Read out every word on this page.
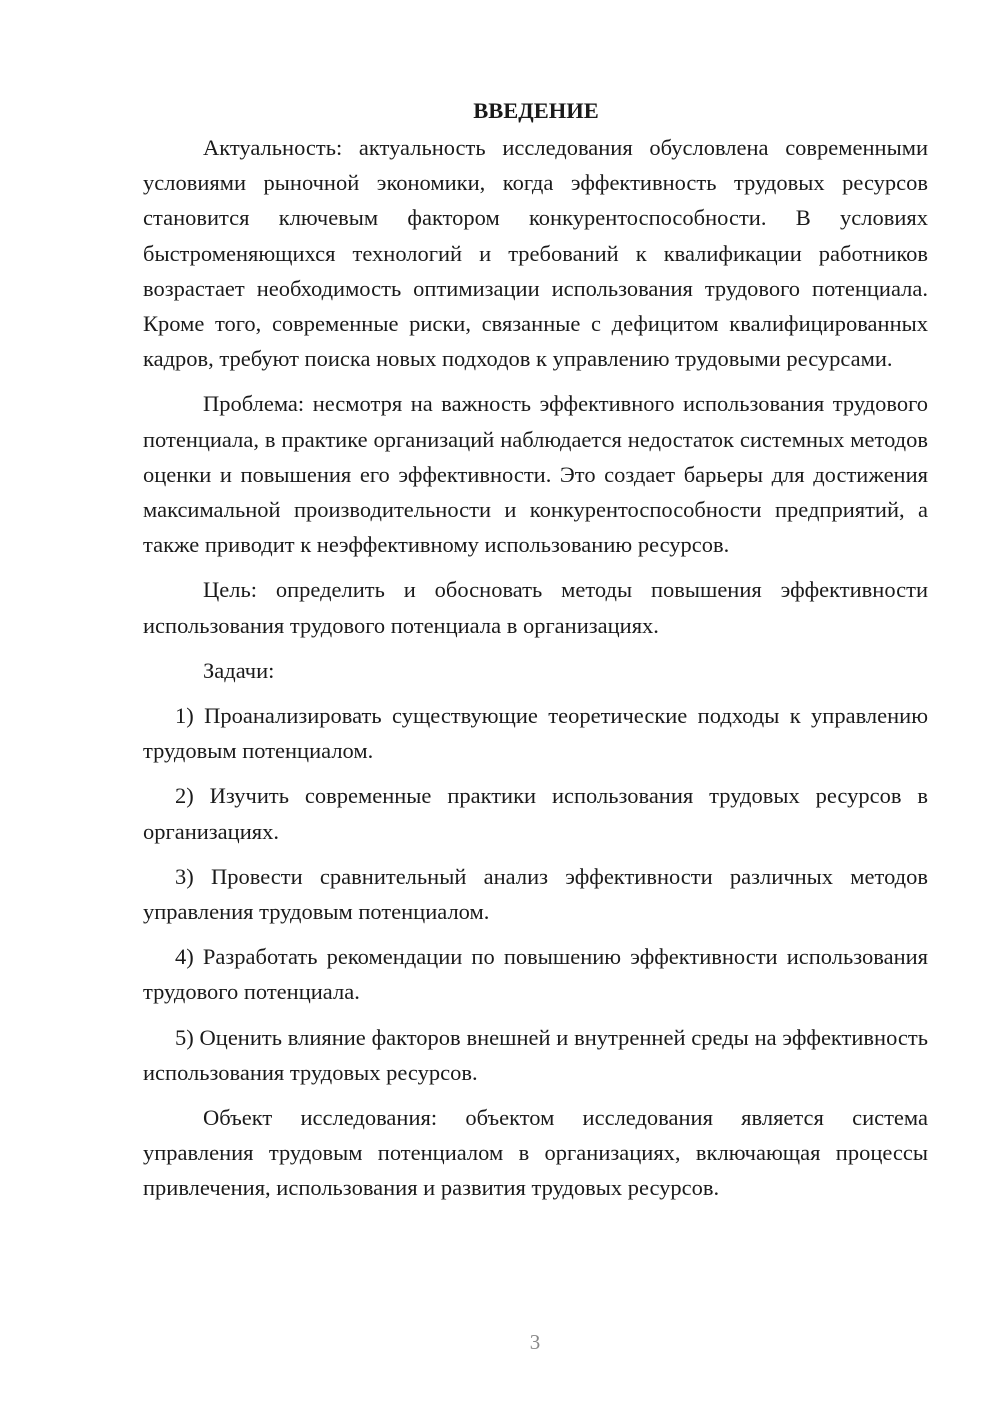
ВВЕДЕНИЕ

Актуальность: актуальность исследования обусловлена современными условиями рыночной экономики, когда эффективность трудовых ресурсов становится ключевым фактором конкурентоспособности. В условиях быстроменяющихся технологий и требований к квалификации работников возрастает необходимость оптимизации использования трудового потенциала. Кроме того, современные риски, связанные с дефицитом квалифицированных кадров, требуют поиска новых подходов к управлению трудовыми ресурсами.

Проблема: несмотря на важность эффективного использования трудового потенциала, в практике организаций наблюдается недостаток системных методов оценки и повышения его эффективности. Это создает барьеры для достижения максимальной производительности и конкурентоспособности предприятий, а также приводит к неэффективному использованию ресурсов.

Цель: определить и обосновать методы повышения эффективности использования трудового потенциала в организациях.

Задачи:

1) Проанализировать существующие теоретические подходы к управлению трудовым потенциалом.

2) Изучить современные практики использования трудовых ресурсов в организациях.

3) Провести сравнительный анализ эффективности различных методов управления трудовым потенциалом.

4) Разработать рекомендации по повышению эффективности использования трудового потенциала.

5) Оценить влияние факторов внешней и внутренней среды на эффективность использования трудовых ресурсов.

Объект исследования: объектом исследования является система управления трудовым потенциалом в организациях, включающая процессы привлечения, использования и развития трудовых ресурсов.

3
